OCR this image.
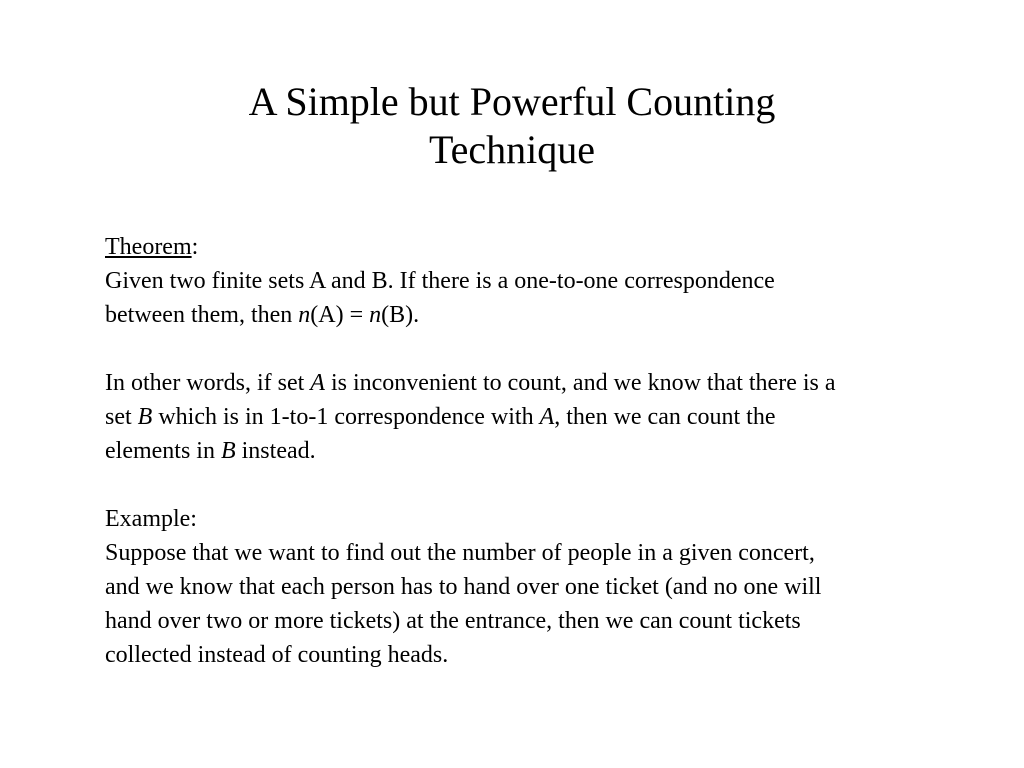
A Simple but Powerful Counting
Technique
Theorem:
Given two finite sets A and B. If there is a one-to-one correspondence
between them, then n(A) = n(B).
In other words, if set A is inconvenient to count, and we know that there is a
set B which is in 1-to-1 correspondence with A, then we can count the
elements in B instead.
Example:
Suppose that we want to find out the number of people in a given concert,
and we know that each person has to hand over one ticket (and no one will
hand over two or more tickets) at the entrance, then we can count tickets
collected instead of counting heads.
